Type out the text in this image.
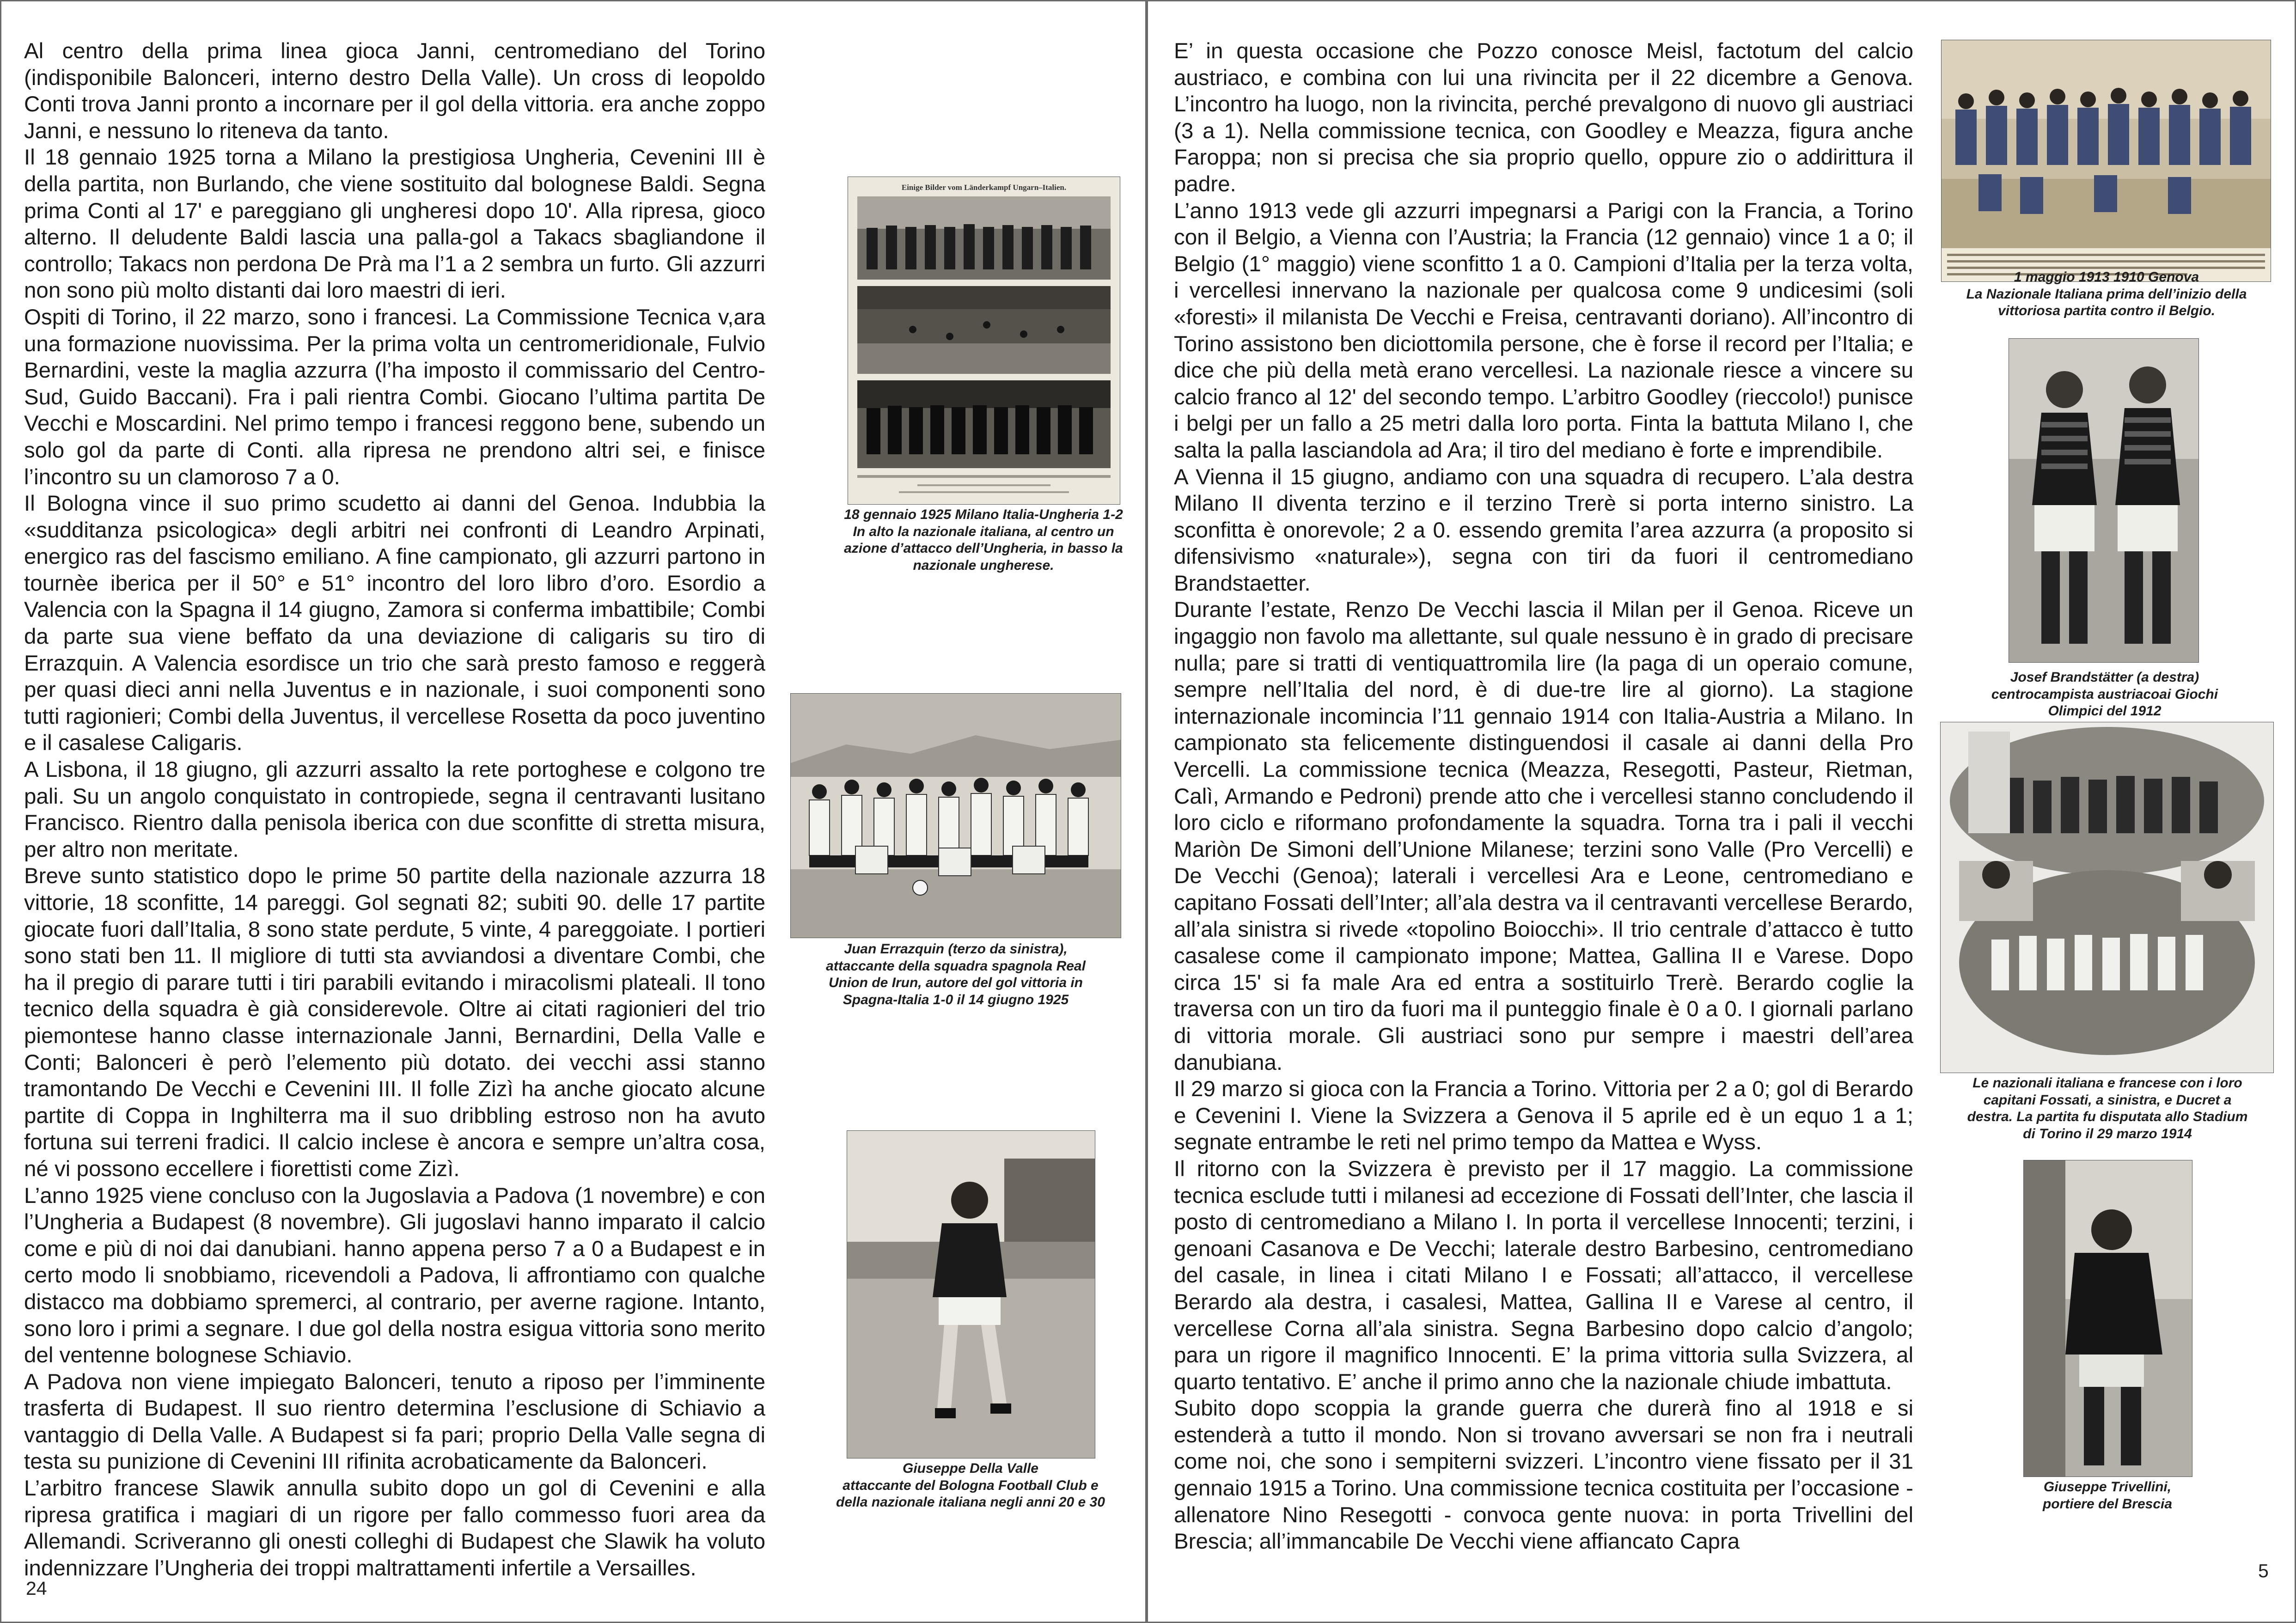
Al centro della prima linea gioca Janni, centromediano del Torino (indisponibile Balonceri, interno destro Della Valle). Un cross di leopoldo Conti trova Janni pronto a incornare per il gol della vittoria. era anche zoppo Janni, e nessuno lo riteneva da tanto.

Il 18 gennaio 1925 torna a Milano la prestigiosa Ungheria, Cevenini III è della partita, non Burlando, che viene sostituito dal bolognese Baldi. Segna prima Conti al 17' e pareggiano gli ungheresi dopo 10'. Alla ripresa, gioco alterno. Il deludente Baldi lascia una palla-gol a Takacs sbagliandone il controllo; Takacs non perdona De Prà ma l’1 a 2 sembra un furto. Gli azzurri non sono più molto distanti dai loro maestri di ieri.

Ospiti di Torino, il 22 marzo, sono i francesi. La Commissione Tecnica v,ara una formazione nuovissima. Per la prima volta un centromeridionale, Fulvio Bernardini, veste la maglia azzurra (l’ha imposto il commissario del Centro-Sud, Guido Baccani). Fra i pali rientra Combi. Giocano l’ultima partita De Vecchi e Moscardini. Nel primo tempo i francesi reggono bene, subendo un solo gol da parte di Conti. alla ripresa ne prendono altri sei, e finisce l’incontro su un clamoroso 7 a 0.

Il Bologna vince il suo primo scudetto ai danni del Genoa. Indubbia la «sudditanza psicologica» degli arbitri nei confronti di Leandro Arpinati, energico ras del fascismo emiliano. A fine campionato, gli azzurri partono in tournèe iberica per il 50° e 51° incontro del loro libro d’oro. Esordio a Valencia con la Spagna il 14 giugno, Zamora si conferma imbattibile; Combi da parte sua viene beffato da una deviazione di caligaris su tiro di Errazquin. A Valencia esordisce un trio che sarà presto famoso e reggerà per quasi dieci anni nella Juventus e in nazionale, i suoi componenti sono tutti ragionieri; Combi della Juventus, il vercellese Rosetta da poco juventino e il casalese Caligaris.

A Lisbona, il 18 giugno, gli azzurri assalto la rete portoghese e colgono tre pali. Su un angolo conquistato in contropiede, segna il centravanti lusitano Francisco. Rientro dalla penisola iberica con due sconfitte di stretta misura, per altro non meritate.

Breve sunto statistico dopo le prime 50 partite della nazionale azzurra 18 vittorie, 18 sconfitte, 14 pareggi. Gol segnati 82; subiti 90. delle 17 partite giocate fuori dall’Italia, 8 sono state perdute, 5 vinte, 4 pareggoiate. I portieri sono stati ben 11. Il migliore di tutti sta avviandosi a diventare Combi, che ha il pregio di parare tutti i tiri parabili evitando i miracolismi plateali. Il tono tecnico della squadra è già considerevole. Oltre ai citati ragionieri del trio piemontese hanno classe internazionale Janni, Bernardini, Della Valle e Conti; Balonceri è però l’elemento più dotato. dei vecchi assi stanno tramontando De Vecchi e Cevenini III. Il folle Zizì ha anche giocato alcune partite di Coppa in Inghilterra ma il suo dribbling estroso non ha avuto fortuna sui terreni fradici. Il calcio inclese è ancora e sempre un’altra cosa, né vi possono eccellere i fiorettisti come Zizì.

L’anno 1925 viene concluso con la Jugoslavia a Padova (1 novembre) e con l’Ungheria a Budapest (8 novembre). Gli jugoslavi hanno imparato il calcio come e più di noi dai danubiani. hanno appena perso 7 a 0 a Budapest e in certo modo li snobbiamo, ricevendoli a Padova, li affrontiamo con qualche distacco ma dobbiamo spremerci, al contrario, per averne ragione. Intanto, sono loro i primi a segnare. I due gol della nostra esigua vittoria sono merito del ventenne bolognese Schiavio.

A Padova non viene impiegato Balonceri, tenuto a riposo per l’imminente trasferta di Budapest. Il suo rientro determina l’esclusione di Schiavio a vantaggio di Della Valle. A Budapest si fa pari; proprio Della Valle segna di testa su punizione di Cevenini III rifinita acrobaticamente da Balonceri.

L’arbitro francese Slawik annulla subito dopo un gol di Cevenini e alla ripresa gratifica i magiari di un rigore per fallo commesso fuori area da Allemandi. Scriveranno gli onesti colleghi di Budapest che Slawik ha voluto indennizzare l’Ungheria dei troppi maltrattamenti infertile a Versailles.

Einige Bilder vom Länderkampf Ungarn–Italien.

18 gennaio 1925 Milano Italia-Ungheria 1-2

In alto la nazionale italiana, al centro un

azione d’attacco dell’Ungheria, in basso la

nazionale ungherese.

Juan Errazquin (terzo da sinistra),

attaccante della squadra spagnola Real

Union de Irun, autore del gol vittoria in

Spagna-Italia 1-0 il 14 giugno 1925

Giuseppe Della Valle

attaccante del Bologna Football Club e

della nazionale italiana negli anni 20 e 30

24

E’ in questa occasione che Pozzo conosce Meisl, factotum del calcio austriaco, e combina con lui una rivincita per il 22 dicembre a Genova. L’incontro ha luogo, non la rivincita, perché prevalgono di nuovo gli austriaci (3 a 1). Nella commissione tecnica, con Goodley e Meazza, figura anche Faroppa; non si precisa che sia proprio quello, oppure zio o addirittura il padre.

L’anno 1913 vede gli azzurri impegnarsi a Parigi con la Francia, a Torino con il Belgio, a Vienna con l’Austria; la Francia (12 gennaio) vince 1 a 0; il Belgio (1° maggio) viene sconfitto 1 a 0. Campioni d’Italia per la terza volta, i vercellesi innervano la nazionale per qualcosa come 9 undicesimi (soli «foresti» il milanista De Vecchi e Freisa, centravanti doriano). All’incontro di Torino assistono ben diciottomila persone, che è forse il record per l’Italia; e dice che più della metà erano vercellesi. La nazionale riesce a vincere su calcio franco al 12' del secondo tempo. L’arbitro Goodley (rieccolo!) punisce i belgi per un fallo a 25 metri dalla loro porta. Finta la battuta Milano I, che salta la palla lasciandola ad Ara; il tiro del mediano è forte e imprendibile.

A Vienna il 15 giugno, andiamo con una squadra di recupero. L’ala destra Milano II diventa terzino e il terzino Trerè si porta interno sinistro. La sconfitta è onorevole; 2 a 0. essendo gremita l’area azzurra (a proposito si difensivismo «naturale»), segna con tiri da fuori il centromediano Brandstaetter.

Durante l’estate, Renzo De Vecchi lascia il Milan per il Genoa. Riceve un ingaggio non favolo ma allettante, sul quale nessuno è in grado di precisare nulla; pare si tratti di ventiquattromila lire (la paga di un operaio comune, sempre nell’Italia del nord, è di due-tre lire al giorno). La stagione internazionale incomincia l’11 gennaio 1914 con Italia-Austria a Milano. In campionato sta felicemente distinguendosi il casale ai danni della Pro Vercelli. La commissione tecnica (Meazza, Resegotti, Pasteur, Rietman, Calì, Armando e Pedroni) prende atto che i vercellesi stanno concludendo il loro ciclo e riformano profondamente la squadra. Torna tra i pali il vecchi Mariòn De Simoni dell’Unione Milanese; terzini sono Valle (Pro Vercelli) e De Vecchi (Genoa); laterali i vercellesi Ara e Leone, centromediano e capitano Fossati dell’Inter; all’ala destra va il centravanti vercellese Berardo, all’ala sinistra si rivede «topolino Boiocchi». Il trio centrale d’attacco è tutto casalese come il campionato impone; Mattea, Gallina II e Varese. Dopo circa 15' si fa male Ara ed entra a sostituirlo Trerè. Berardo coglie la traversa con un tiro da fuori ma il punteggio finale è 0 a 0. I giornali parlano di vittoria morale. Gli austriaci sono pur sempre i maestri dell’area danubiana.

Il 29 marzo si gioca con la Francia a Torino. Vittoria per 2 a 0; gol di Berardo e Cevenini I. Viene la Svizzera a Genova il 5 aprile ed è un equo 1 a 1; segnate entrambe le reti nel primo tempo da Mattea e Wyss.

Il ritorno con la Svizzera è previsto per il 17 maggio. La commissione tecnica esclude tutti i milanesi ad eccezione di Fossati dell’Inter, che lascia il posto di centromediano a Milano I. In porta il vercellese Innocenti; terzini, i genoani Casanova e De Vecchi; laterale destro Barbesino, centromediano del casale, in linea i citati Milano I e Fossati; all’attacco, il vercellese Berardo ala destra, i casalesi, Mattea, Gallina II e Varese al centro, il vercellese Corna all’ala sinistra. Segna Barbesino dopo calcio d’angolo; para un rigore il magnifico Innocenti. E’ la prima vittoria sulla Svizzera, al quarto tentativo. E’ anche il primo anno che la nazionale chiude imbattuta.

Subito dopo scoppia la grande guerra che durerà fino al 1918 e si estenderà a tutto il mondo. Non si trovano avversari se non fra i neutrali come noi, che sono i sempiterni svizzeri. L’incontro viene fissato per il 31 gennaio 1915 a Torino. Una commissione tecnica costituita per l’occasione - allenatore Nino Resegotti - convoca gente nuova: in porta Trivellini del Brescia; all’immancabile De Vecchi viene affiancato Capra

1 maggio 1913 1910 Genova

La Nazionale Italiana prima dell’inizio della

vittoriosa partita contro il Belgio.

Josef Brandstätter (a destra)

centrocampista austriacoai Giochi

Olimpici del 1912

Le nazionali italiana e francese con i loro

capitani Fossati, a sinistra, e Ducret a

destra. La partita fu disputata allo Stadium

di Torino il 29 marzo 1914

Giuseppe Trivellini,

portiere del Brescia

5
